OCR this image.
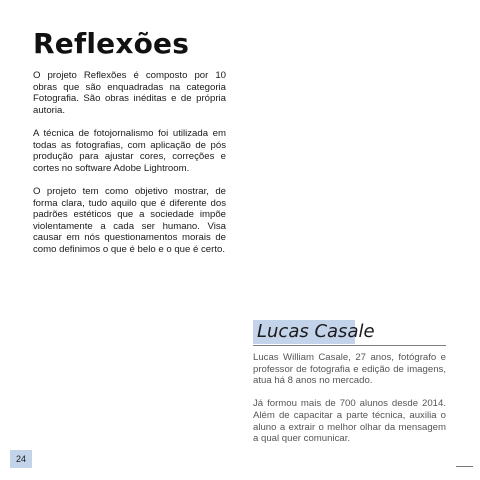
Reflexões

O projeto Reflexões é composto por 10 obras que são enquadradas na categoria Fotografia. São obras inéditas e de própria autoria.

A técnica de fotojornalismo foi utilizada em todas as fotografias, com aplicação de pós produção para ajustar cores, correções e cortes no software Adobe Lightroom.

O projeto tem como objetivo mostrar, de forma clara, tudo aquilo que é diferente dos padrões estéticos que a sociedade impõe violentamente a cada ser humano. Visa causar em nós questionamentos morais de como definimos o que é belo e o que é certo.

Lucas Casale

Lucas William Casale, 27 anos, fotógrafo e professor de fotografia e edição de imagens, atua há 8 anos no mercado.

Já formou mais de 700 alunos desde 2014. Além de capacitar a parte técnica, auxilia o aluno a extrair o melhor olhar da mensagem a qual quer comunicar.

24
